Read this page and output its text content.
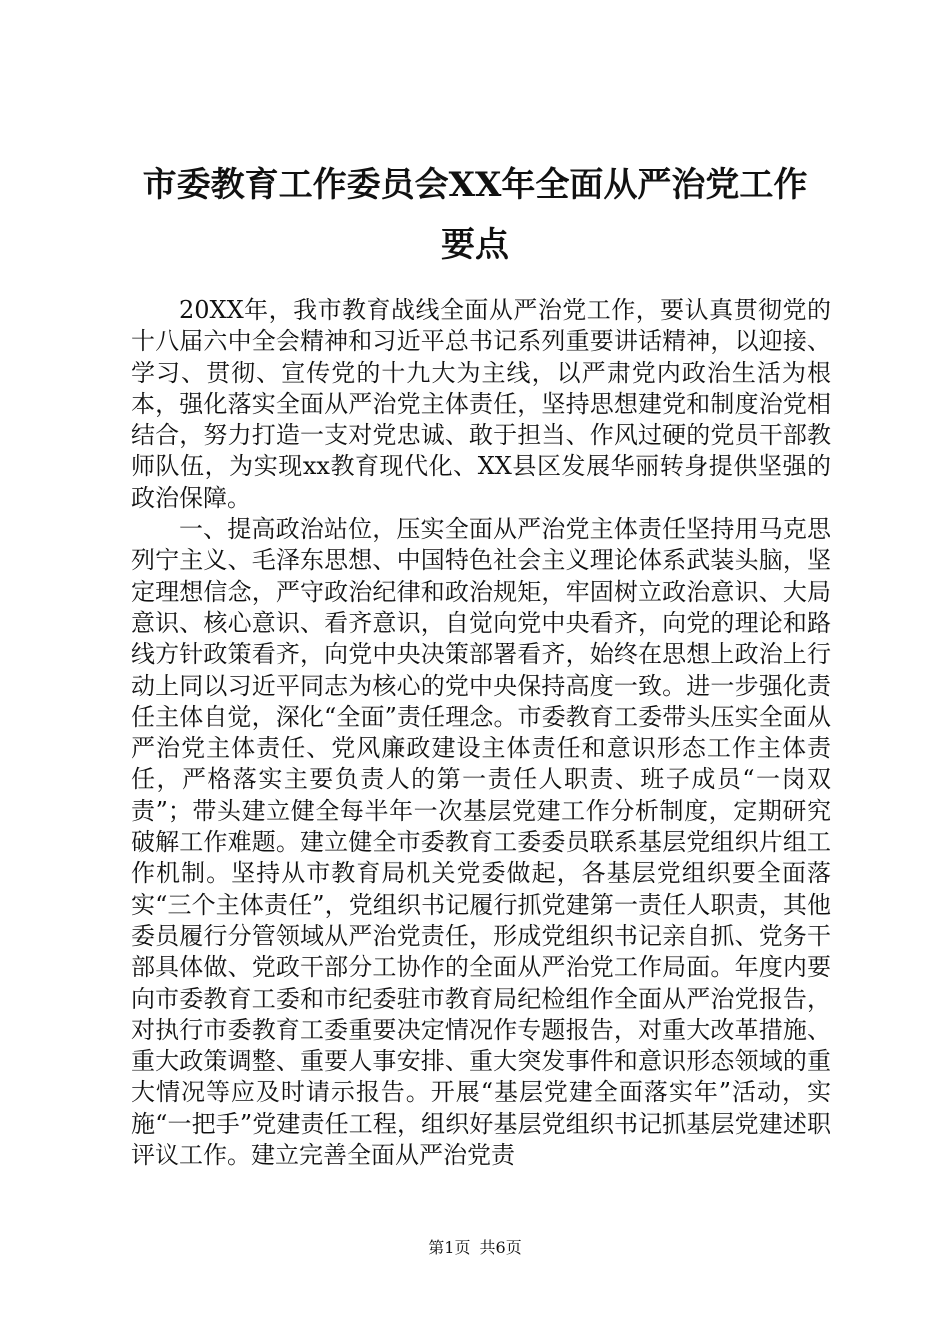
市委教育工作委员会XX年全面从严治党工作
要点

20XX年，我市教育战线全面从严治党工作，要认真贯彻党的十八届六中全会精神和习近平总书记系列重要讲话精神，以迎接、学习、贯彻、宣传党的十九大为主线，以严肃党内政治生活为根本，强化落实全面从严治党主体责任，坚持思想建党和制度治党相结合，努力打造一支对党忠诚、敢于担当、作风过硬的党员干部教师队伍，为实现xx教育现代化、XX县区发展华丽转身提供坚强的政治保障。

一、提高政治站位，压实全面从严治党主体责任坚持用马克思列宁主义、毛泽东思想、中国特色社会主义理论体系武装头脑，坚定理想信念，严守政治纪律和政治规矩，牢固树立政治意识、大局意识、核心意识、看齐意识，自觉向党中央看齐，向党的理论和路线方针政策看齐，向党中央决策部署看齐，始终在思想上政治上行动上同以习近平同志为核心的党中央保持高度一致。进一步强化责任主体自觉，深化“全面”责任理念。市委教育工委带头压实全面从严治党主体责任、党风廉政建设主体责任和意识形态工作主体责任，严格落实主要负责人的第一责任人职责、班子成员“一岗双责”；带头建立健全每半年一次基层党建工作分析制度，定期研究破解工作难题。建立健全市委教育工委委员联系基层党组织片组工作机制。坚持从市教育局机关党委做起，各基层党组织要全面落实“三个主体责任”，党组织书记履行抓党建第一责任人职责，其他委员履行分管领域从严治党责任，形成党组织书记亲自抓、党务干部具体做、党政干部分工协作的全面从严治党工作局面。年度内要向市委教育工委和市纪委驻市教育局纪检组作全面从严治党报告，对执行市委教育工委重要决定情况作专题报告，对重大改革措施、重大政策调整、重要人事安排、重大突发事件和意识形态领域的重大情况等应及时请示报告。开展“基层党建全面落实年”活动，实施“一把手”党建责任工程，组织好基层党组织书记抓基层党建述职评议工作。建立完善全面从严治党责

第1页 共6页
